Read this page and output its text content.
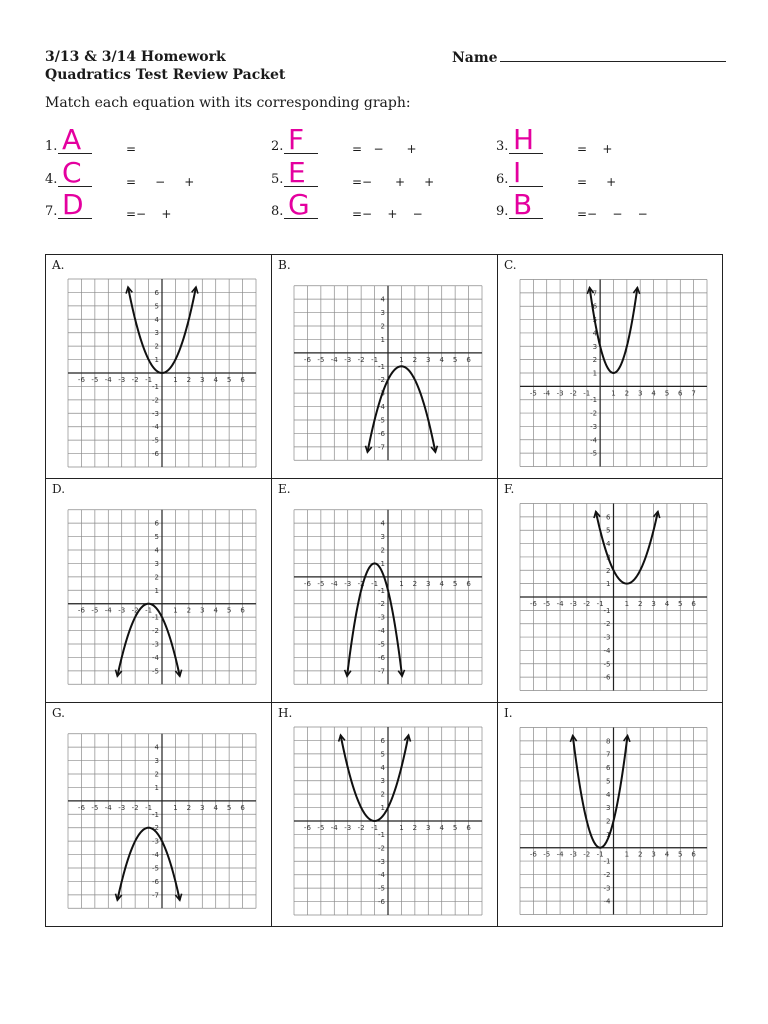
3/13 & 3/14 Homework
Quadratics Test Review Packet
Name
Match each equation with its corresponding graph:
1. A	=	2. F	=   −      +	3. H	=    +
4. C	=     −     +	5. E	=−      +     +	6. I	=     +
7. D	=−    +	8. G	=−    +    −	9. B	=−    −    −
A.
-6 -5 -4 -3 -2 -1	1 2 3 4 5 6
6
5
4
3
2
1
-1
-2
-3
-4
-5
-6
B.
-6 -5 -4 -3 -2 -1	1 2 3 4 5 6
4
3
2
1
-1
-2
-3
-4
-5
-6
-7
C.
-5 -4 -3 -2 -1	1 2 3 4 5 6 7
7
6
5
4
3
2
1
-1
-2
-3
-4
-5
D.
-6 -5 -4 -3 -2 -1	1 2 3 4 5 6
6
5
4
3
2
1
-1
-2
-3
-4
-5
E.
-6 -5 -4 -3 -2 -1	1 2 3 4 5 6
4
3
2
1
-1
-2
-3
-4
-5
-6
-7
F.
-6 -5 -4 -3 -2 -1	1 2 3 4 5 6
6
5
4
3
2
1
-1
-2
-3
-4
-5
-6
G.
-6 -5 -4 -3 -2 -1	1 2 3 4 5 6
4
3
2
1
-1
-2
-3
-4
-5
-6
-7
H.
-6 -5 -4 -3 -2 -1	1 2 3 4 5 6
6
5
4
3
2
1
-1
-2
-3
-4
-5
-6
I.
-6 -5 -4 -3 -2 -1	1 2 3 4 5 6
8
7
6
5
4
3
2
1
-1
-2
-3
-4
